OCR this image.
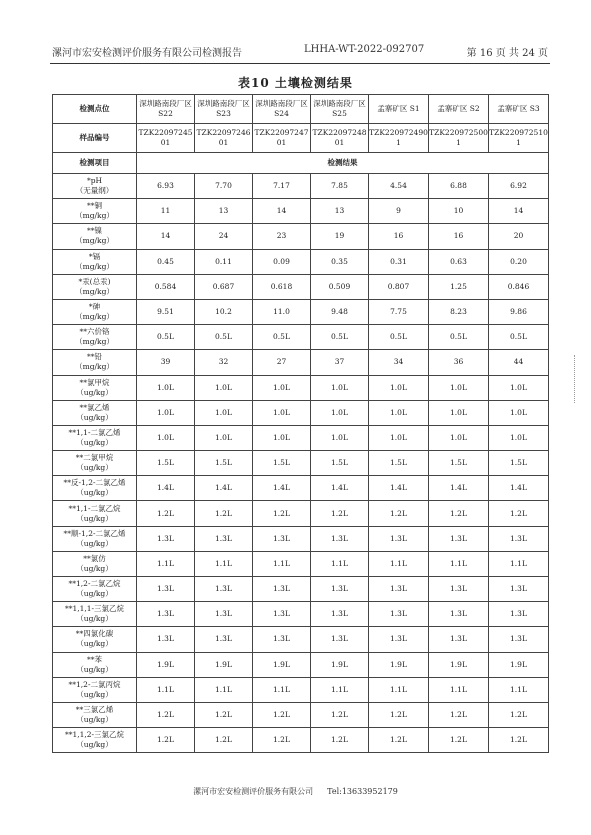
漯河市宏安检测评价服务有限公司检测报告	LHHA-WT-2022-092707	第 16 页 共 24 页
表10 土壤检测结果
检测点位	深圳路南段厂区 S22	深圳路南段厂区 S23	深圳路南段厂区 S24	深圳路南段厂区 S25	孟寨矿区 S1	孟寨矿区 S2	孟寨矿区 S3
样品编号	TZK2209724501	TZK2209724601	TZK2209724701	TZK2209724801	TZK2209724901	TZK2209725001	TZK2209725101
检测项目	检测结果						

*pH
（无量纲）	6.93	7.70	7.17	7.85	4.54	6.88	6.92

**铜
（mg/kg）	11	13	14	13	9	10	14

**镍
（mg/kg）	14	24	23	19	16	16	20

*镉
（mg/kg）	0.45	0.11	0.09	0.35	0.31	0.63	0.20

*汞(总汞)
（mg/kg）	0.584	0.687	0.618	0.509	0.807	1.25	0.846

*砷
（mg/kg）	9.51	10.2	11.0	9.48	7.75	8.23	9.86

**六价铬
（mg/kg）	0.5L	0.5L	0.5L	0.5L	0.5L	0.5L	0.5L

**铅
（mg/kg）	39	32	27	37	34	36	44

**氯甲烷
（ug/kg）	1.0L	1.0L	1.0L	1.0L	1.0L	1.0L	1.0L

**氯乙烯
（ug/kg）	1.0L	1.0L	1.0L	1.0L	1.0L	1.0L	1.0L

**1,1-二氯乙烯
（ug/kg）	1.0L	1.0L	1.0L	1.0L	1.0L	1.0L	1.0L

**二氯甲烷
（ug/kg）	1.5L	1.5L	1.5L	1.5L	1.5L	1.5L	1.5L

**反-1,2-二氯乙烯
（ug/kg）	1.4L	1.4L	1.4L	1.4L	1.4L	1.4L	1.4L

**1,1-二氯乙烷
（ug/kg）	1.2L	1.2L	1.2L	1.2L	1.2L	1.2L	1.2L

**顺-1,2-二氯乙烯
（ug/kg）	1.3L	1.3L	1.3L	1.3L	1.3L	1.3L	1.3L

**氯仿
（ug/kg）	1.1L	1.1L	1.1L	1.1L	1.1L	1.1L	1.1L

**1,2-二氯乙烷
（ug/kg）	1.3L	1.3L	1.3L	1.3L	1.3L	1.3L	1.3L

**1,1,1-三氯乙烷
（ug/kg）	1.3L	1.3L	1.3L	1.3L	1.3L	1.3L	1.3L

**四氯化碳
（ug/kg）	1.3L	1.3L	1.3L	1.3L	1.3L	1.3L	1.3L

**苯
（ug/kg）	1.9L	1.9L	1.9L	1.9L	1.9L	1.9L	1.9L

**1,2-二氯丙烷
（ug/kg）	1.1L	1.1L	1.1L	1.1L	1.1L	1.1L	1.1L

**三氯乙烯
（ug/kg）	1.2L	1.2L	1.2L	1.2L	1.2L	1.2L	1.2L

**1,1,2-三氯乙烷
（ug/kg）	1.2L	1.2L	1.2L	1.2L	1.2L	1.2L	1.2L
漯河市宏安检测评价服务有限公司 Tel:13633952179
